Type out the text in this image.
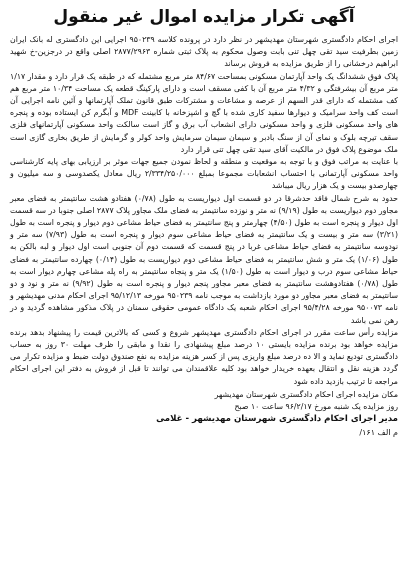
آگهی تکرار مزایده اموال غیر منقول

اجرای احکام دادگستری شهرستان مهدیشهر در نظر دارد در پرونده کلاسه ۹۵۰۲۳۹ اجرایی این دادگستری له بانک ایران زمین بطرفیت سید تقی چهل تنی بابت وصول محکوم به پلاک ثبتی شماره ۲۸۷۷/۲۹۶۳ اصلی واقع در درجزین-خ شهید ابراهیم درخشانی را از طریق مزایده به فروش برساند

پلاک فوق ششدانگ یک واحد آپارتمان مسکونی بمساحت ۸۴/۶۷ متر مربع مشتمله که در طبقه یک قرار دارد و مقدار ۱/۱۷ متر مربع آن بیشرفتگی و ۴/۳۲ متر مربع آن با کفی مسقف است و دارای پارکینگ قطعه یک مساحت ۱۰/۳۴ متر مربع هم کف مشتمله که دارای قدر السهم از عرصه و مشاعات و مشترکات طبق قانون تملک آپارتمانها و آئین نامه اجرایی آن است کف واحد سرامیک و دیوارها سفید کاری شده با گچ و اشپزخانه با کابینت MDF و آبگرم کن ایستاده بوده و پنجره های واحد مسکونی فلزی و واحد مسکونی دارای انشعاب آب برق و گاز است سالکت واحد مسکونی آپارتمانهای فلزی سقف تیرچه بلوک و نمای آن از سنگ بادبر و سیمان سیمان سرمایش واحد کولر و گرمایش از طریق بخاری گازی است ملک موضوع پلاک فوق در مالکیت آقای سید تقی چهل تنی قرار دارد

با عنایت به مراتب فوق و با توجه به موقعیت و منطقه و لحاظ نمودن جمیع جهات موثر بر ارزیابی بهای پایه کارشناسی واحد مسکونی آپارتمانی با احتساب انشعابات مجموعا بمبلغ ۲/۳۳۴/۲۵۰/۰۰۰ ریال معادل یکصدوسی و سه میلیون و چهارصدو بیست و یک هزار ریال میباشد

حدود به شرح شمال فاقد حدشرقا در دو قسمت اول دیواریست به طول (۰/۷۸) هفتادو هشت سانتیمتر به فضای معبر مجاور دوم دیواریست به طول (۹/۱۹) نه متر و نوزده سانتیمتر به فضای ملک مجاور پلاک ۲۸۷۷ اصلی جنوبا در سه قسمت اول دیوار و پنجره است به طول (۴/۵۰) چهارمتر و پنج سانتیمتر به فضای حیاط مشاعی دوم دیوار و پنجره است به طول (۳/۲۱) سه متر و بیست و یک سانتیمتر به فضای حیاط مشاعی سوم دیوار و پنجره است به طول (۷/۹۳) سه متر و نودوسه سانتیمتر به فضای حیاط مشاعی غربا در پنج قسمت که قسمت دوم آن جنوبی است اول دیوار و لبه بالکن به طول (۱/۰۶) یک متر و شش سانتیمتر به فضای حیاط مشاعی دوم دیواریست به طول (۰/۱۴) چهارده سانتیمتر به فضای حیاط مشاعی سوم درب و دیوار است به طول (۱/۵۰) یک متر و پنجاه سانتیمتر به راه پله مشاعی چهارم دیوار است به طول (۰/۷۸) هفتادوهشت سانتیمتر به فضای معبر مجاور پنجم دیوار و پنجره است به طول (۹/۹۲) نه متر و نود و دو سانتیمتر به فضای معبر مجاور دو مورد بازداشت به موجب نامه ۹۵۰۲۳۹ مورخه ۹۵/۱۲/۱۳ اجرای احکام مدنی مهدیشهر و نامه ۹۵۰۰۷۳ مورخه ۹۵/۴/۲۸ اجرای احکام شعبه یک دادگاه عمومی حقوقی سمنان در پلاک مذکور مشاهده گردید و در رهن نمی باشد

مزایده رأس ساعت مقرر در اجرای احکام دادگستری مهدیشهر شروع و کسی که بالاترین قیمت را پیشنهاد بدهد برنده مزایده خواهد بود برنده مزایده بایستی ۱۰ درصد مبلغ پیشنهادی را نقدا و مابقی را ظرف مهلت ۳۰ روز به حساب دادگستری تودیع نماید و الا ده درصد مبلغ واریزی پس از کسر هزینه مزایده به نفع صندوق دولت ضبط و مزایده تکرار می گردد هزینه نقل و انتقال بعهده خریدار خواهد بود کلیه علاقمندان می توانند تا قبل از فروش به دفتر این اجرای احکام مراجعه تا ترتیب بازدید داده شود

مکان مزایده اجرای احکام دادگستری شهرستان مهدیشهر
روز مزایده یک شنبه مورخ ۹۶/۲/۱۷ ساعت ۱۰ صبح
مدیر اجرای احکام دادگستری شهرستان مهدیشهر - غلامی
م الف ۱۶۱/
